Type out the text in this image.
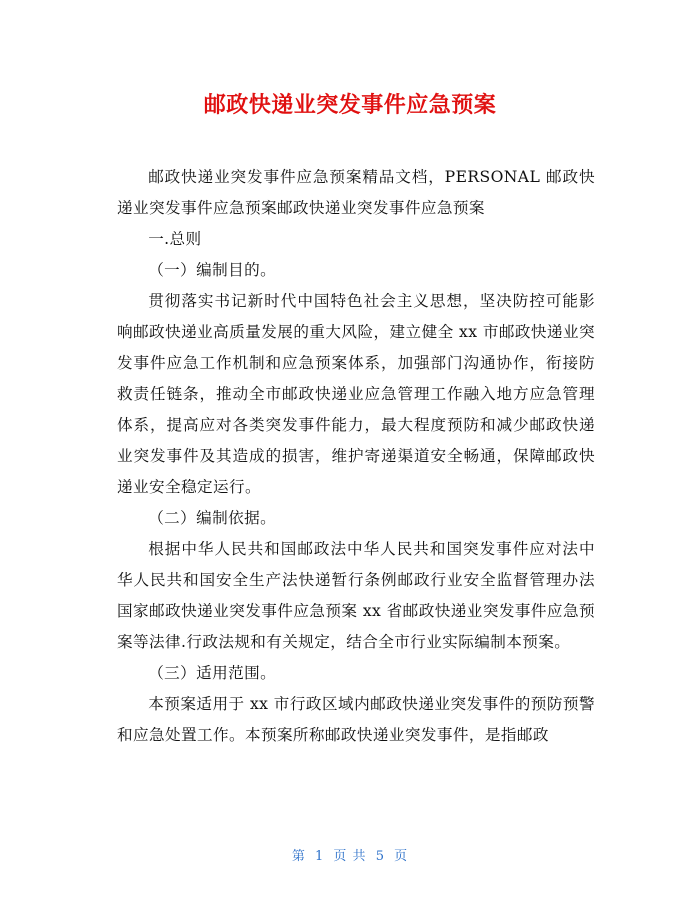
邮政快递业突发事件应急预案

邮政快递业突发事件应急预案精品文档，PERSONAL 邮政快递业突发事件应急预案邮政快递业突发事件应急预案

一.总则

（一）编制目的。

贯彻落实书记新时代中国特色社会主义思想，坚决防控可能影响邮政快递业高质量发展的重大风险，建立健全 xx 市邮政快递业突发事件应急工作机制和应急预案体系，加强部门沟通协作，衔接防救责任链条，推动全市邮政快递业应急管理工作融入地方应急管理体系，提高应对各类突发事件能力，最大程度预防和减少邮政快递业突发事件及其造成的损害，维护寄递渠道安全畅通，保障邮政快递业安全稳定运行。

（二）编制依据。

根据中华人民共和国邮政法中华人民共和国突发事件应对法中华人民共和国安全生产法快递暂行条例邮政行业安全监督管理办法国家邮政快递业突发事件应急预案 xx 省邮政快递业突发事件应急预案等法律.行政法规和有关规定，结合全市行业实际编制本预案。

（三）适用范围。

本预案适用于 xx 市行政区域内邮政快递业突发事件的预防预警和应急处置工作。本预案所称邮政快递业突发事件，是指邮政

第 1 页 共 5 页
